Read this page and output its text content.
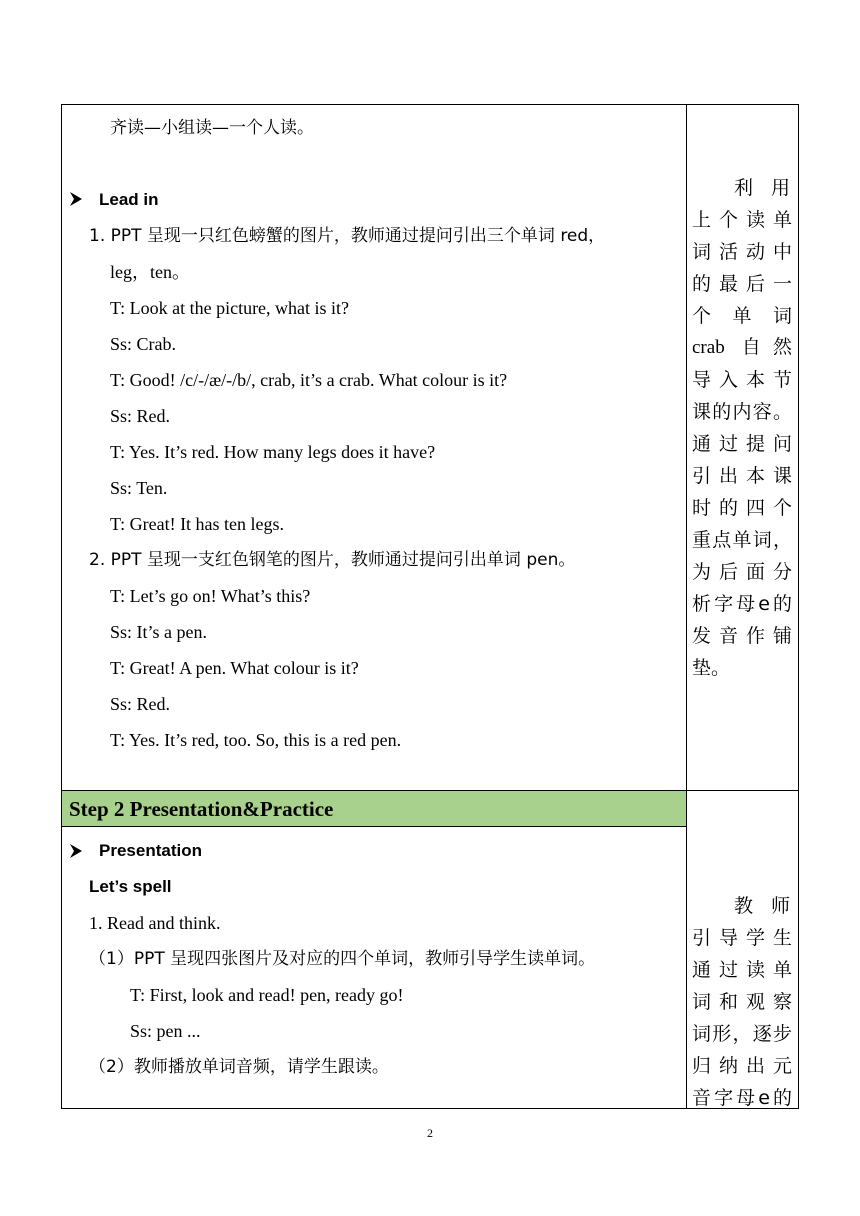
齐读—小组读—一个人读。
Lead in
1. PPT 呈现一只红色螃蟹的图片，教师通过提问引出三个单词 red，
leg，ten。
T: Look at the picture, what is it?
Ss: Crab.
T: Good! /c/-/æ/-/b/, crab, it’s a crab. What colour is it?
Ss: Red.
T: Yes. It’s red. How many legs does it have?
Ss: Ten.
T: Great! It has ten legs.
2. PPT 呈现一支红色钢笔的图片，教师通过提问引出单词 pen。
T: Let’s go on! What’s this?
Ss: It’s a pen.
T: Great! A pen. What colour is it?
Ss: Red.
T: Yes. It’s red, too. So, this is a red pen.
利 用
上个读单
词活动中
的最后一
个 单 词
crab 自然
导入本节
课的内容。
通过提问
引出本课
时的四个
重点单词，
为后面分
析字母e的
发音作铺
垫。
Step 2 Presentation&Practice
Presentation
Let’s spell
1. Read and think.
（1）PPT 呈现四张图片及对应的四个单词，教师引导学生读单词。
T: First, look and read! pen, ready go!
Ss: pen ...
（2）教师播放单词音频，请学生跟读。
教 师
引导学生
通过读单
词和观察
词形，逐步
归纳出元
音字母e的
2
